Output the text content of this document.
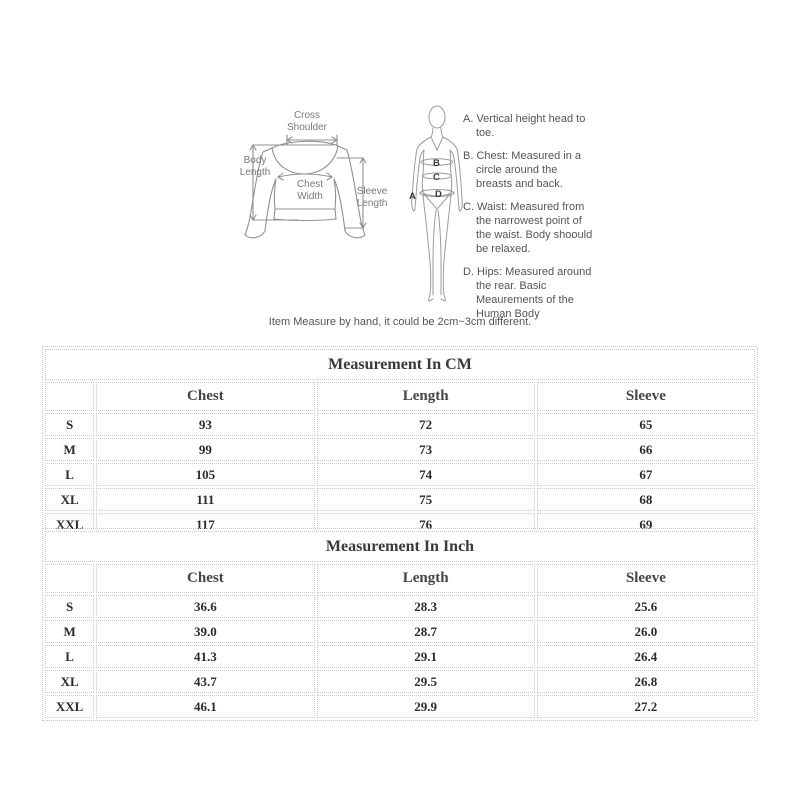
Cross Shoulder
Body Length
Chest Width	Sleeve Length
A
B
C
D
A. Vertical height head to toe.
B. Chest: Measured in a circle around the breasts and back.
C. Waist: Measured from the narrowest point of the waist. Body shoould be relaxed.
D. Hips: Measured around the rear. Basic Meaurements of the Human Body
Item Measure by hand, it could be 2cm~3cm different.
Measurement In CM			
	Chest	Length	Sleeve
S	93	72	65
M	99	73	66
L	105	74	67
XL	111	75	68
XXL	117	76	69
Measurement In Inch			
	Chest	Length	Sleeve
S	36.6	28.3	25.6
M	39.0	28.7	26.0
L	41.3	29.1	26.4
XL	43.7	29.5	26.8
XXL	46.1	29.9	27.2
